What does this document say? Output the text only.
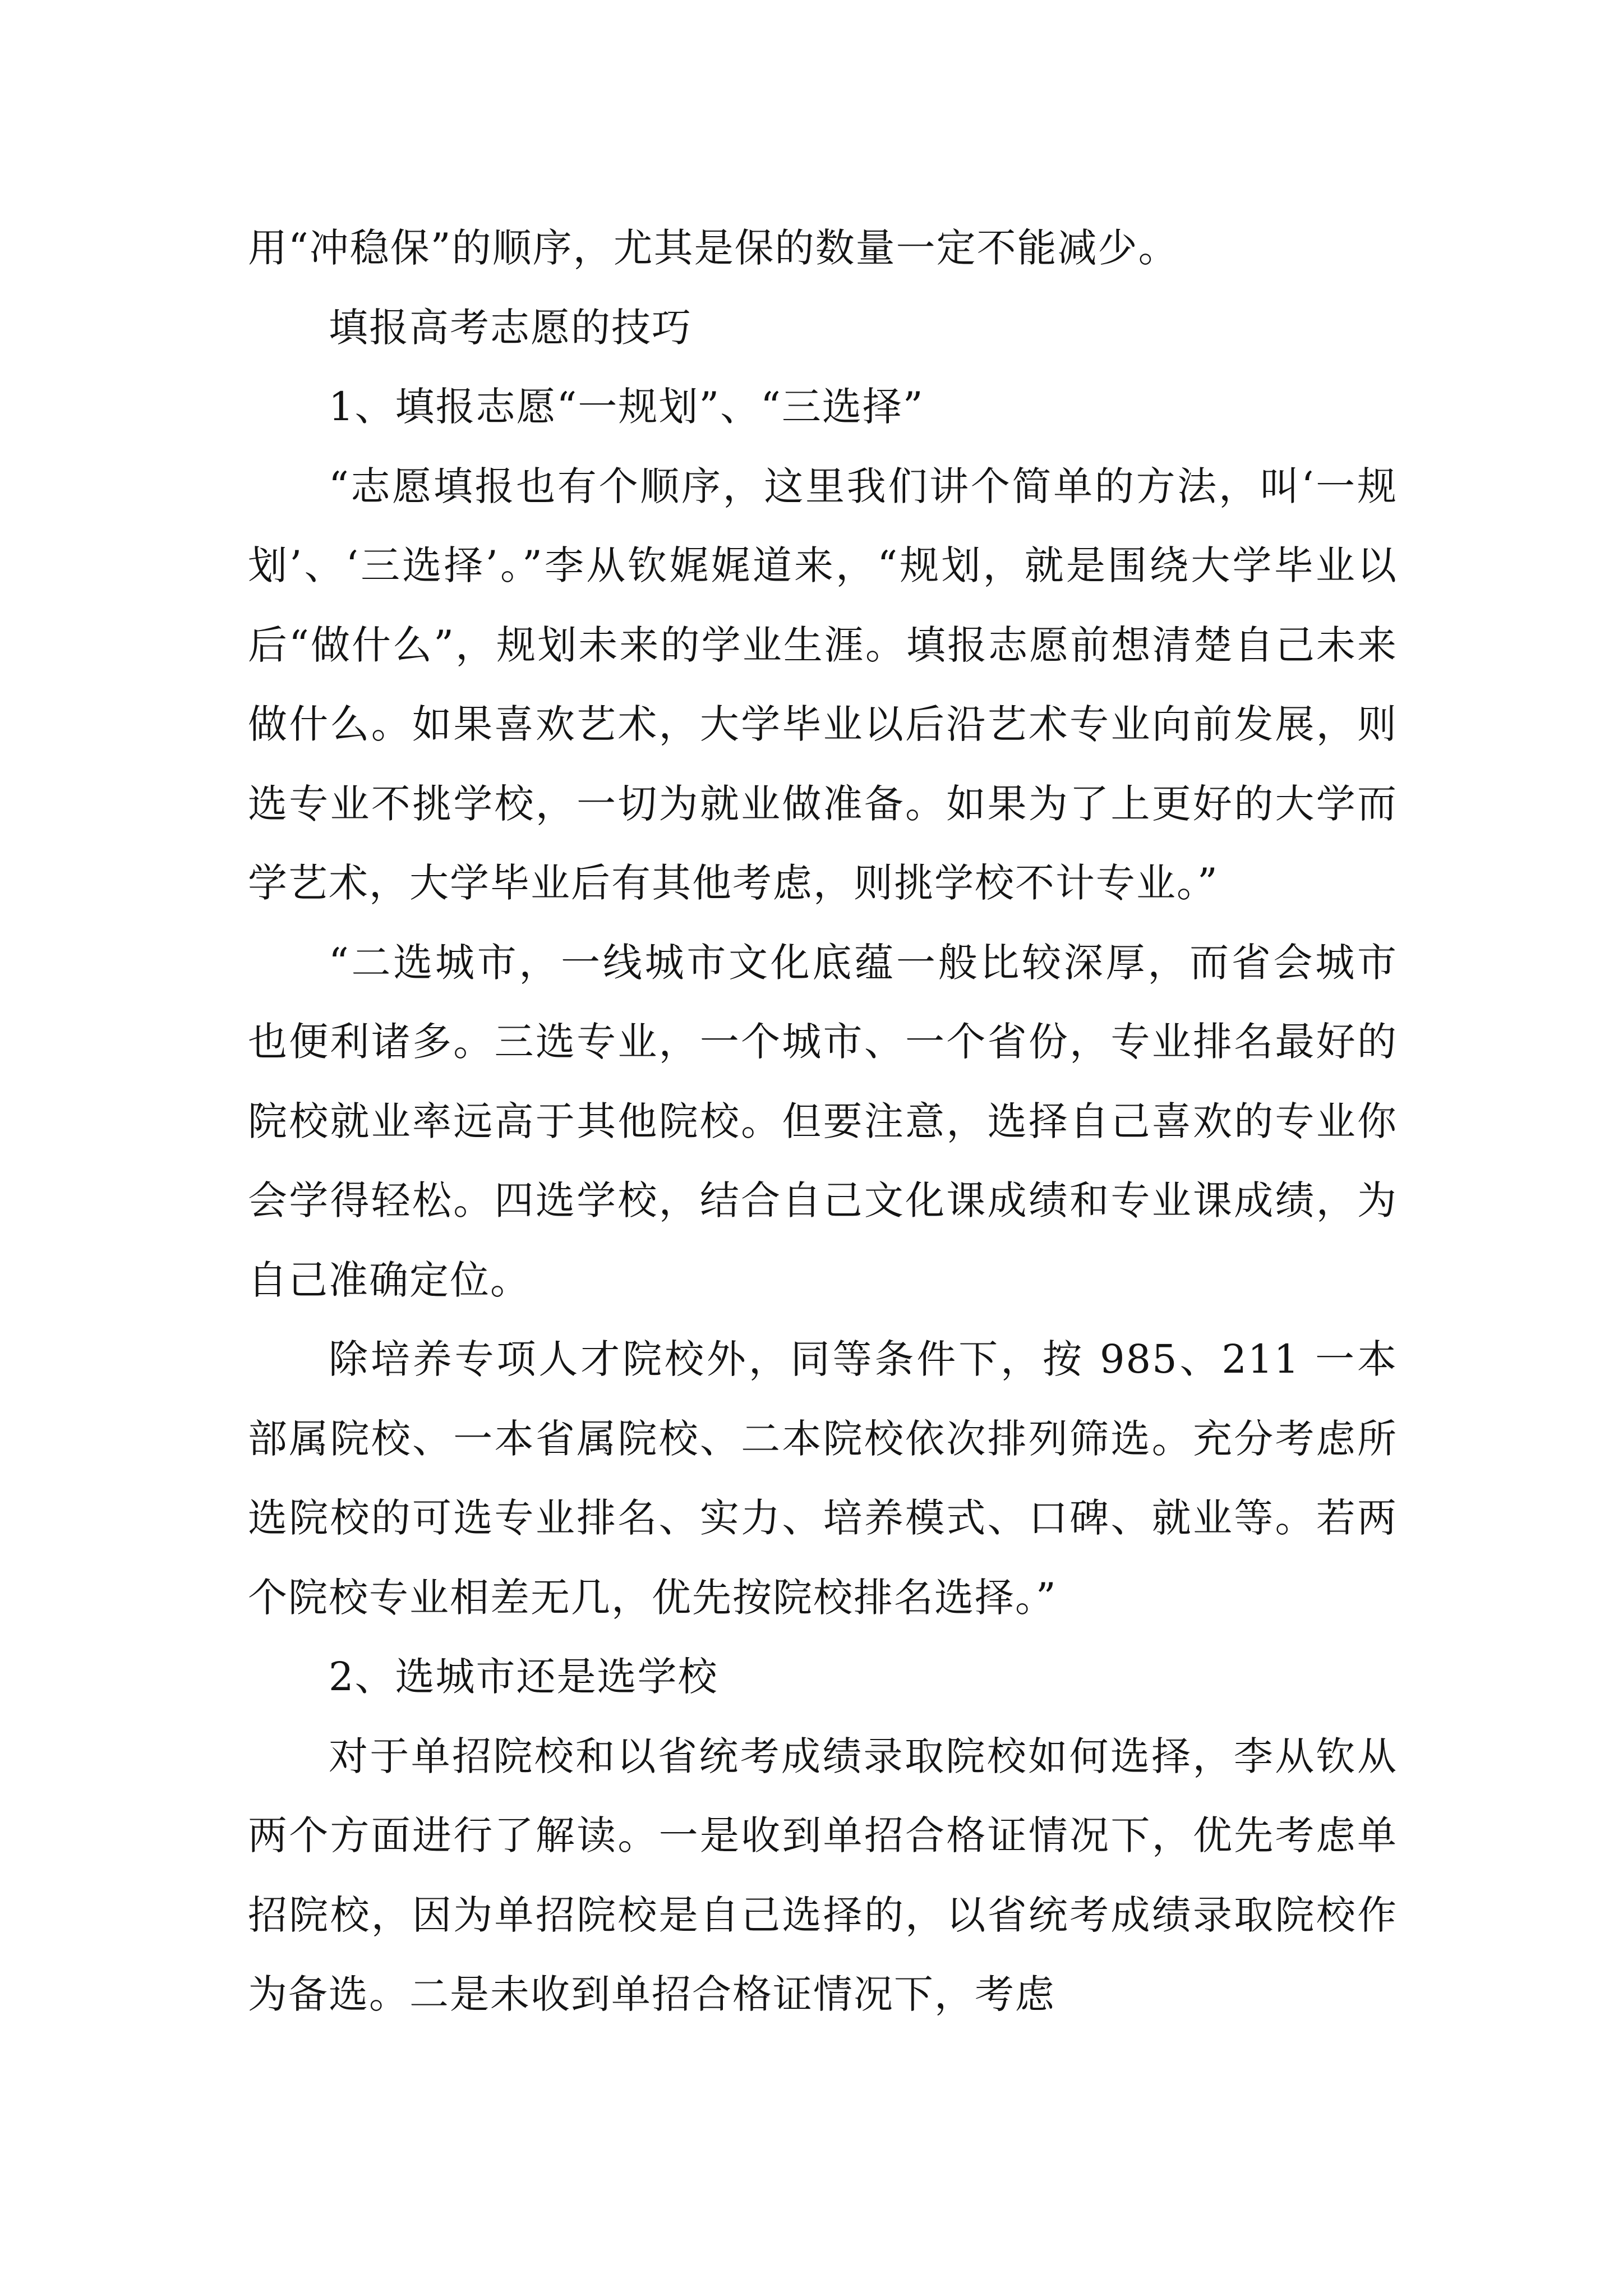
用“冲稳保”的顺序，尤其是保的数量一定不能减少。

填报高考志愿的技巧

1、填报志愿“一规划”、“三选择”

“志愿填报也有个顺序，这里我们讲个简单的方法，叫‘一规划’、‘三选择’。”李从钦娓娓道来，“规划，就是围绕大学毕业以后“做什么”，规划未来的学业生涯。填报志愿前想清楚自己未来做什么。如果喜欢艺术，大学毕业以后沿艺术专业向前发展，则选专业不挑学校，一切为就业做准备。如果为了上更好的大学而学艺术，大学毕业后有其他考虑，则挑学校不计专业。”

“二选城市，一线城市文化底蕴一般比较深厚，而省会城市也便利诸多。三选专业，一个城市、一个省份，专业排名最好的院校就业率远高于其他院校。但要注意，选择自己喜欢的专业你会学得轻松。四选学校，结合自己文化课成绩和专业课成绩，为自己准确定位。

除培养专项人才院校外，同等条件下，按 985、211 一本部属院校、一本省属院校、二本院校依次排列筛选。充分考虑所选院校的可选专业排名、实力、培养模式、口碑、就业等。若两个院校专业相差无几，优先按院校排名选择。”

2、选城市还是选学校

对于单招院校和以省统考成绩录取院校如何选择，李从钦从两个方面进行了解读。一是收到单招合格证情况下，优先考虑单招院校，因为单招院校是自己选择的，以省统考成绩录取院校作为备选。二是未收到单招合格证情况下，考虑
